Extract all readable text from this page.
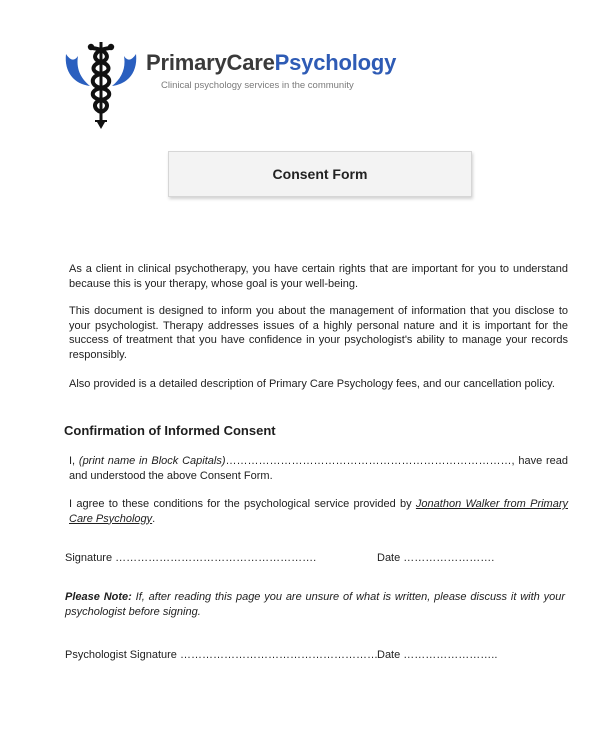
PrimaryCarePsychology
Clinical psychology services in the community
Consent Form
As a client in clinical psychotherapy, you have certain rights that are important for you to understand because this is your therapy, whose goal is your well-being.
This document is designed to inform you about the management of information that you disclose to your psychologist. Therapy addresses issues of a highly personal nature and it is important for the success of treatment that you have confidence in your psychologist's ability to manage your records responsibly.
Also provided is a detailed description of Primary Care Psychology fees, and our cancellation policy.
Confirmation of Informed Consent
I, (print name in Block Capitals)……………………………………………………………………, have read and understood the above Consent Form.
I agree to these conditions for the psychological service provided by Jonathon Walker from Primary Care Psychology.
Signature ……………………………………………….	Date …………………….
Please Note: If, after reading this page you are unsure of what is written, please discuss it with your psychologist before signing.
Psychologist Signature ……………………………………………… Date ……………………..
